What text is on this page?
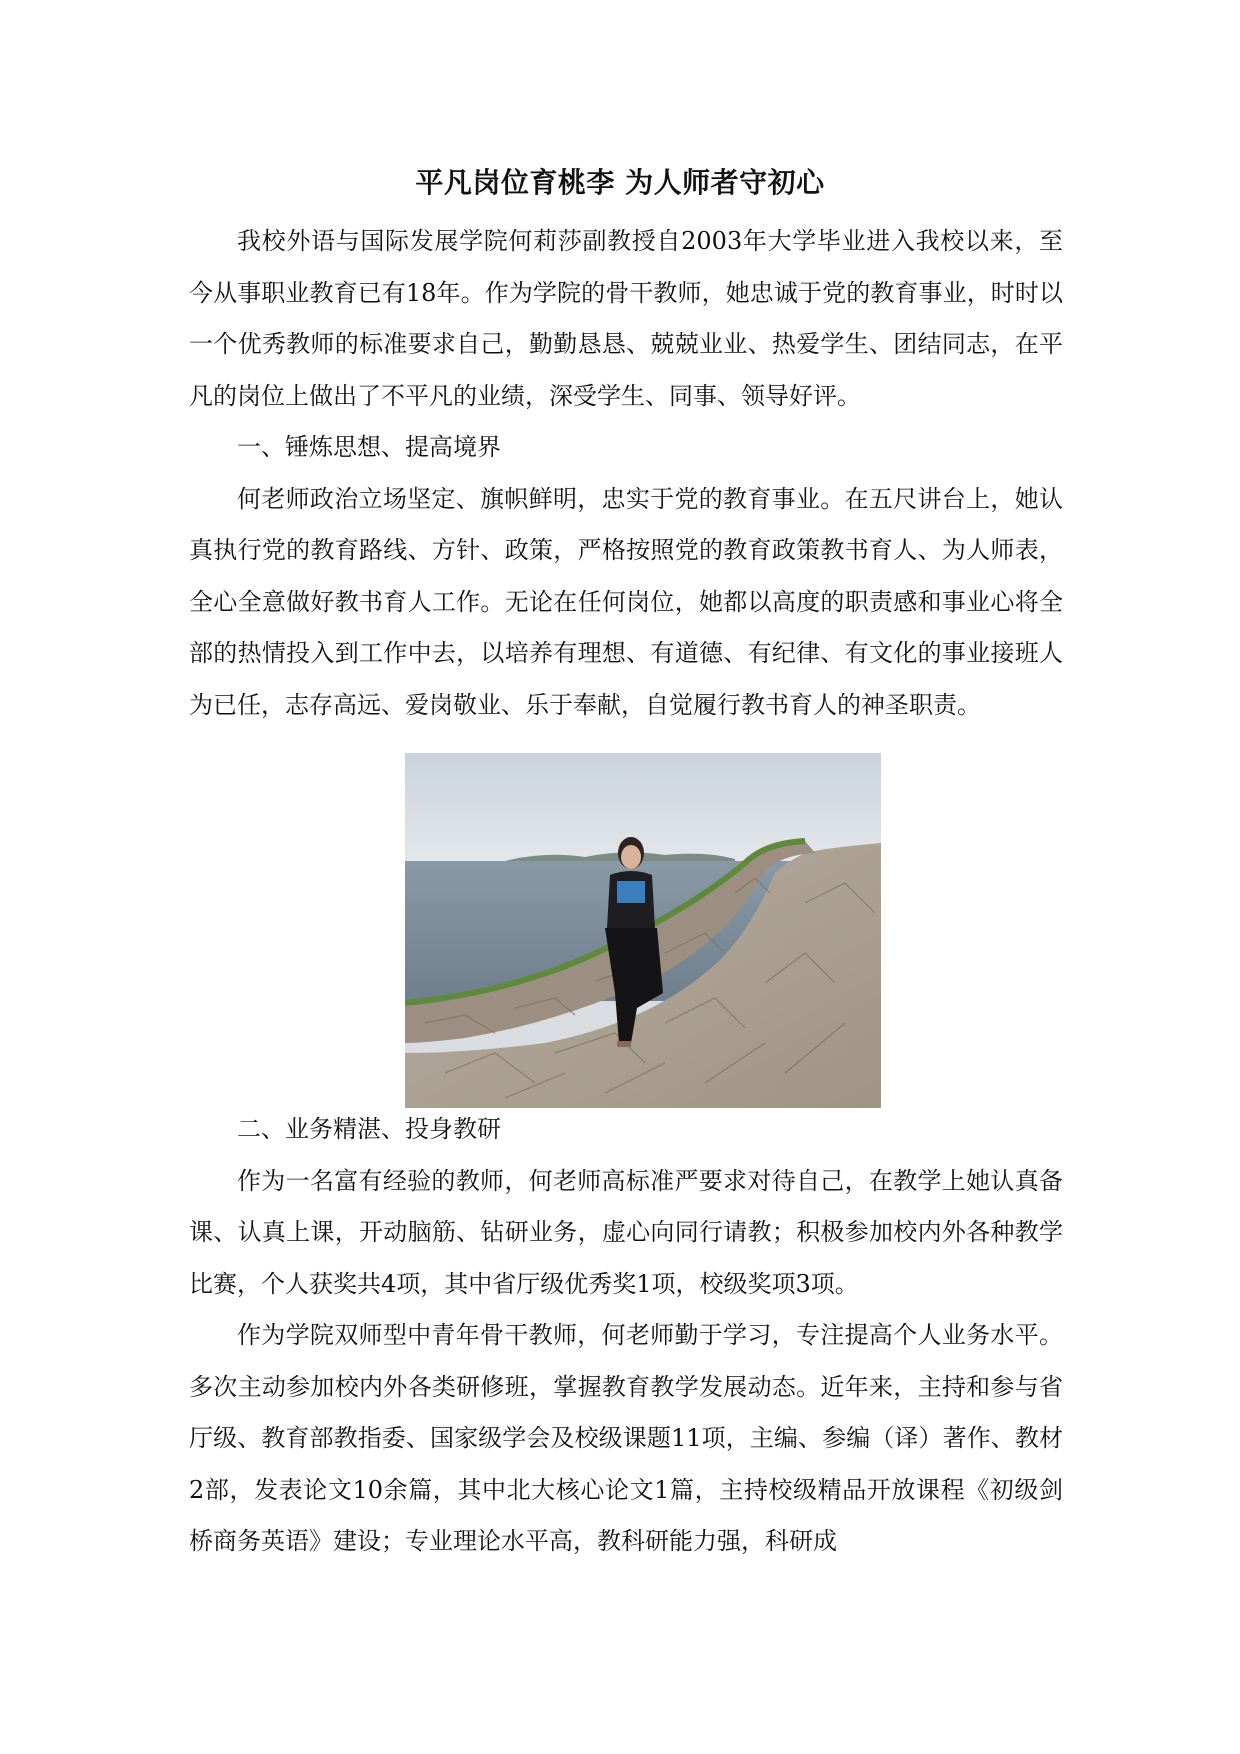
平凡岗位育桃李 为人师者守初心

我校外语与国际发展学院何莉莎副教授自2003年大学毕业进入我校以来，至今从事职业教育已有18年。作为学院的骨干教师，她忠诚于党的教育事业，时时以一个优秀教师的标准要求自己，勤勤恳恳、兢兢业业、热爱学生、团结同志，在平凡的岗位上做出了不平凡的业绩，深受学生、同事、领导好评。

一、锤炼思想、提高境界

何老师政治立场坚定、旗帜鲜明，忠实于党的教育事业。在五尺讲台上，她认真执行党的教育路线、方针、政策，严格按照党的教育政策教书育人、为人师表，全心全意做好教书育人工作。无论在任何岗位，她都以高度的职责感和事业心将全部的热情投入到工作中去，以培养有理想、有道德、有纪律、有文化的事业接班人为已任，志存高远、爱岗敬业、乐于奉献，自觉履行教书育人的神圣职责。

二、业务精湛、投身教研

作为一名富有经验的教师，何老师高标准严要求对待自己，在教学上她认真备课、认真上课，开动脑筋、钻研业务，虚心向同行请教；积极参加校内外各种教学比赛，个人获奖共4项，其中省厅级优秀奖1项，校级奖项3项。

作为学院双师型中青年骨干教师，何老师勤于学习，专注提高个人业务水平。多次主动参加校内外各类研修班，掌握教育教学发展动态。近年来，主持和参与省厅级、教育部教指委、国家级学会及校级课题11项，主编、参编（译）著作、教材2部，发表论文10余篇，其中北大核心论文1篇，主持校级精品开放课程《初级剑桥商务英语》建设；专业理论水平高，教科研能力强，科研成
